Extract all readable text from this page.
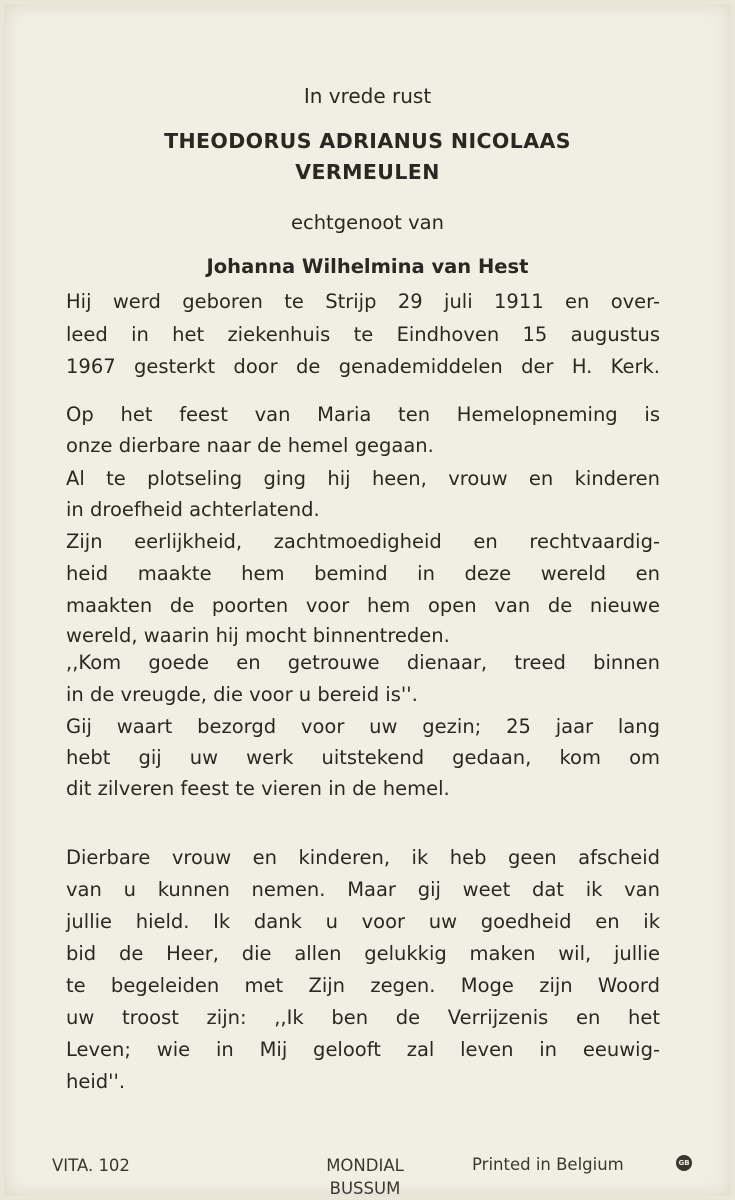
In vrede rust
THEODORUS ADRIANUS NICOLAAS
VERMEULEN
echtgenoot van
Johanna Wilhelmina van Hest
Hij werd geboren te Strijp 29 juli 1911 en over-
leed in het ziekenhuis te Eindhoven 15 augustus
1967 gesterkt door de genademiddelen der H. Kerk.
Op het feest van Maria ten Hemelopneming is
onze dierbare naar de hemel gegaan.
Al te plotseling ging hij heen, vrouw en kinderen
in droefheid achterlatend.
Zijn eerlijkheid, zachtmoedigheid en rechtvaardig-
heid maakte hem bemind in deze wereld en
maakten de poorten voor hem open van de nieuwe
wereld, waarin hij mocht binnentreden.
,,Kom goede en getrouwe dienaar, treed binnen
in de vreugde, die voor u bereid is''.
Gij waart bezorgd voor uw gezin; 25 jaar lang
hebt gij uw werk uitstekend gedaan, kom om
dit zilveren feest te vieren in de hemel.
Dierbare vrouw en kinderen, ik heb geen afscheid
van u kunnen nemen. Maar gij weet dat ik van
jullie hield. Ik dank u voor uw goedheid en ik
bid de Heer, die allen gelukkig maken wil, jullie
te begeleiden met Zijn zegen. Moge zijn Woord
uw troost zijn: ,,Ik ben de Verrijzenis en het
Leven; wie in Mij gelooft zal leven in eeuwig-
heid''.
VITA. 102	MONDIAL
BUSSUM
Printed in Belgium	GB
